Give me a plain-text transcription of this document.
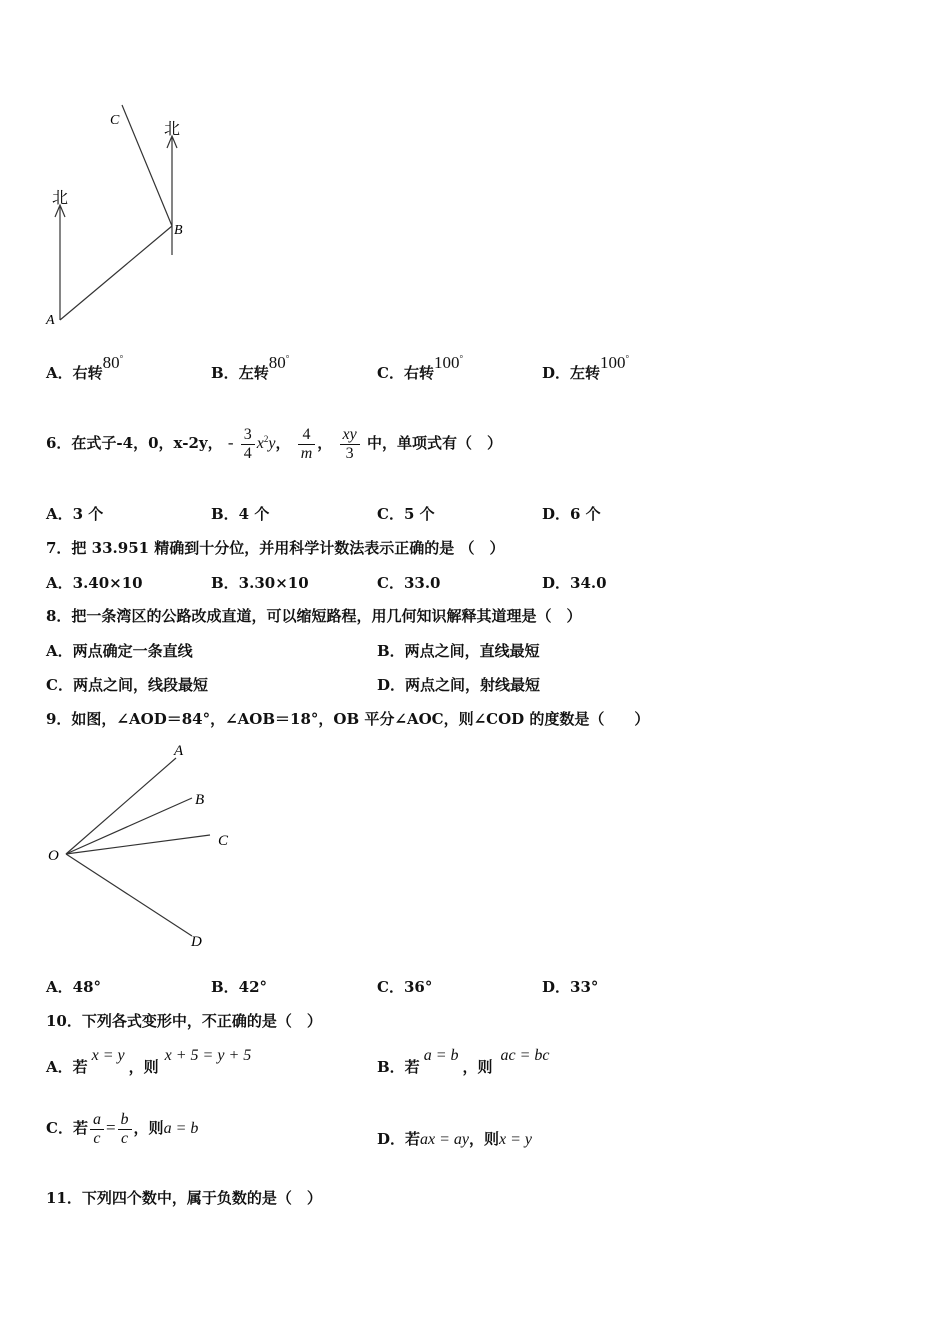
北
北
A
B
C
A．右转80°
B．左转80°
C．右转100°
D．左转100°
6．在式子-4，0，x-2y， - $\frac{3}{4} x^2y$， $\frac{4}{m}$ ， $\frac{xy}{3}$ 中，单项式有（　）
A．3 个	B．4 个	C．5 个	D．6 个
7．把 33.951 精确到十分位，并用科学计数法表示正确的是 （　）
A．3.40×10	B．3.30×10	C．33.0	D．34.0
8．把一条湾区的公路改成直道，可以缩短路程，用几何知识解释其道理是（　）
A．两点确定一条直线	B．两点之间，直线最短
C．两点之间，线段最短	D．两点之间，射线最短
9．如图，∠AOD＝84°，∠AOB＝18°，OB 平分∠AOC，则∠COD 的度数是（　　）
O
A
B
C
D
A．48°	B．42°	C．36°	D．33°
10．下列各式变形中，不正确的是（　）
A．若x = y，则x + 5 = y + 5
B．若a = b，则ac = bc
C．若 $\frac{a}{c} = \frac{b}{c}$ ，则a = b
D．若ax = ay，则x = y
11．下列四个数中，属于负数的是（　）
